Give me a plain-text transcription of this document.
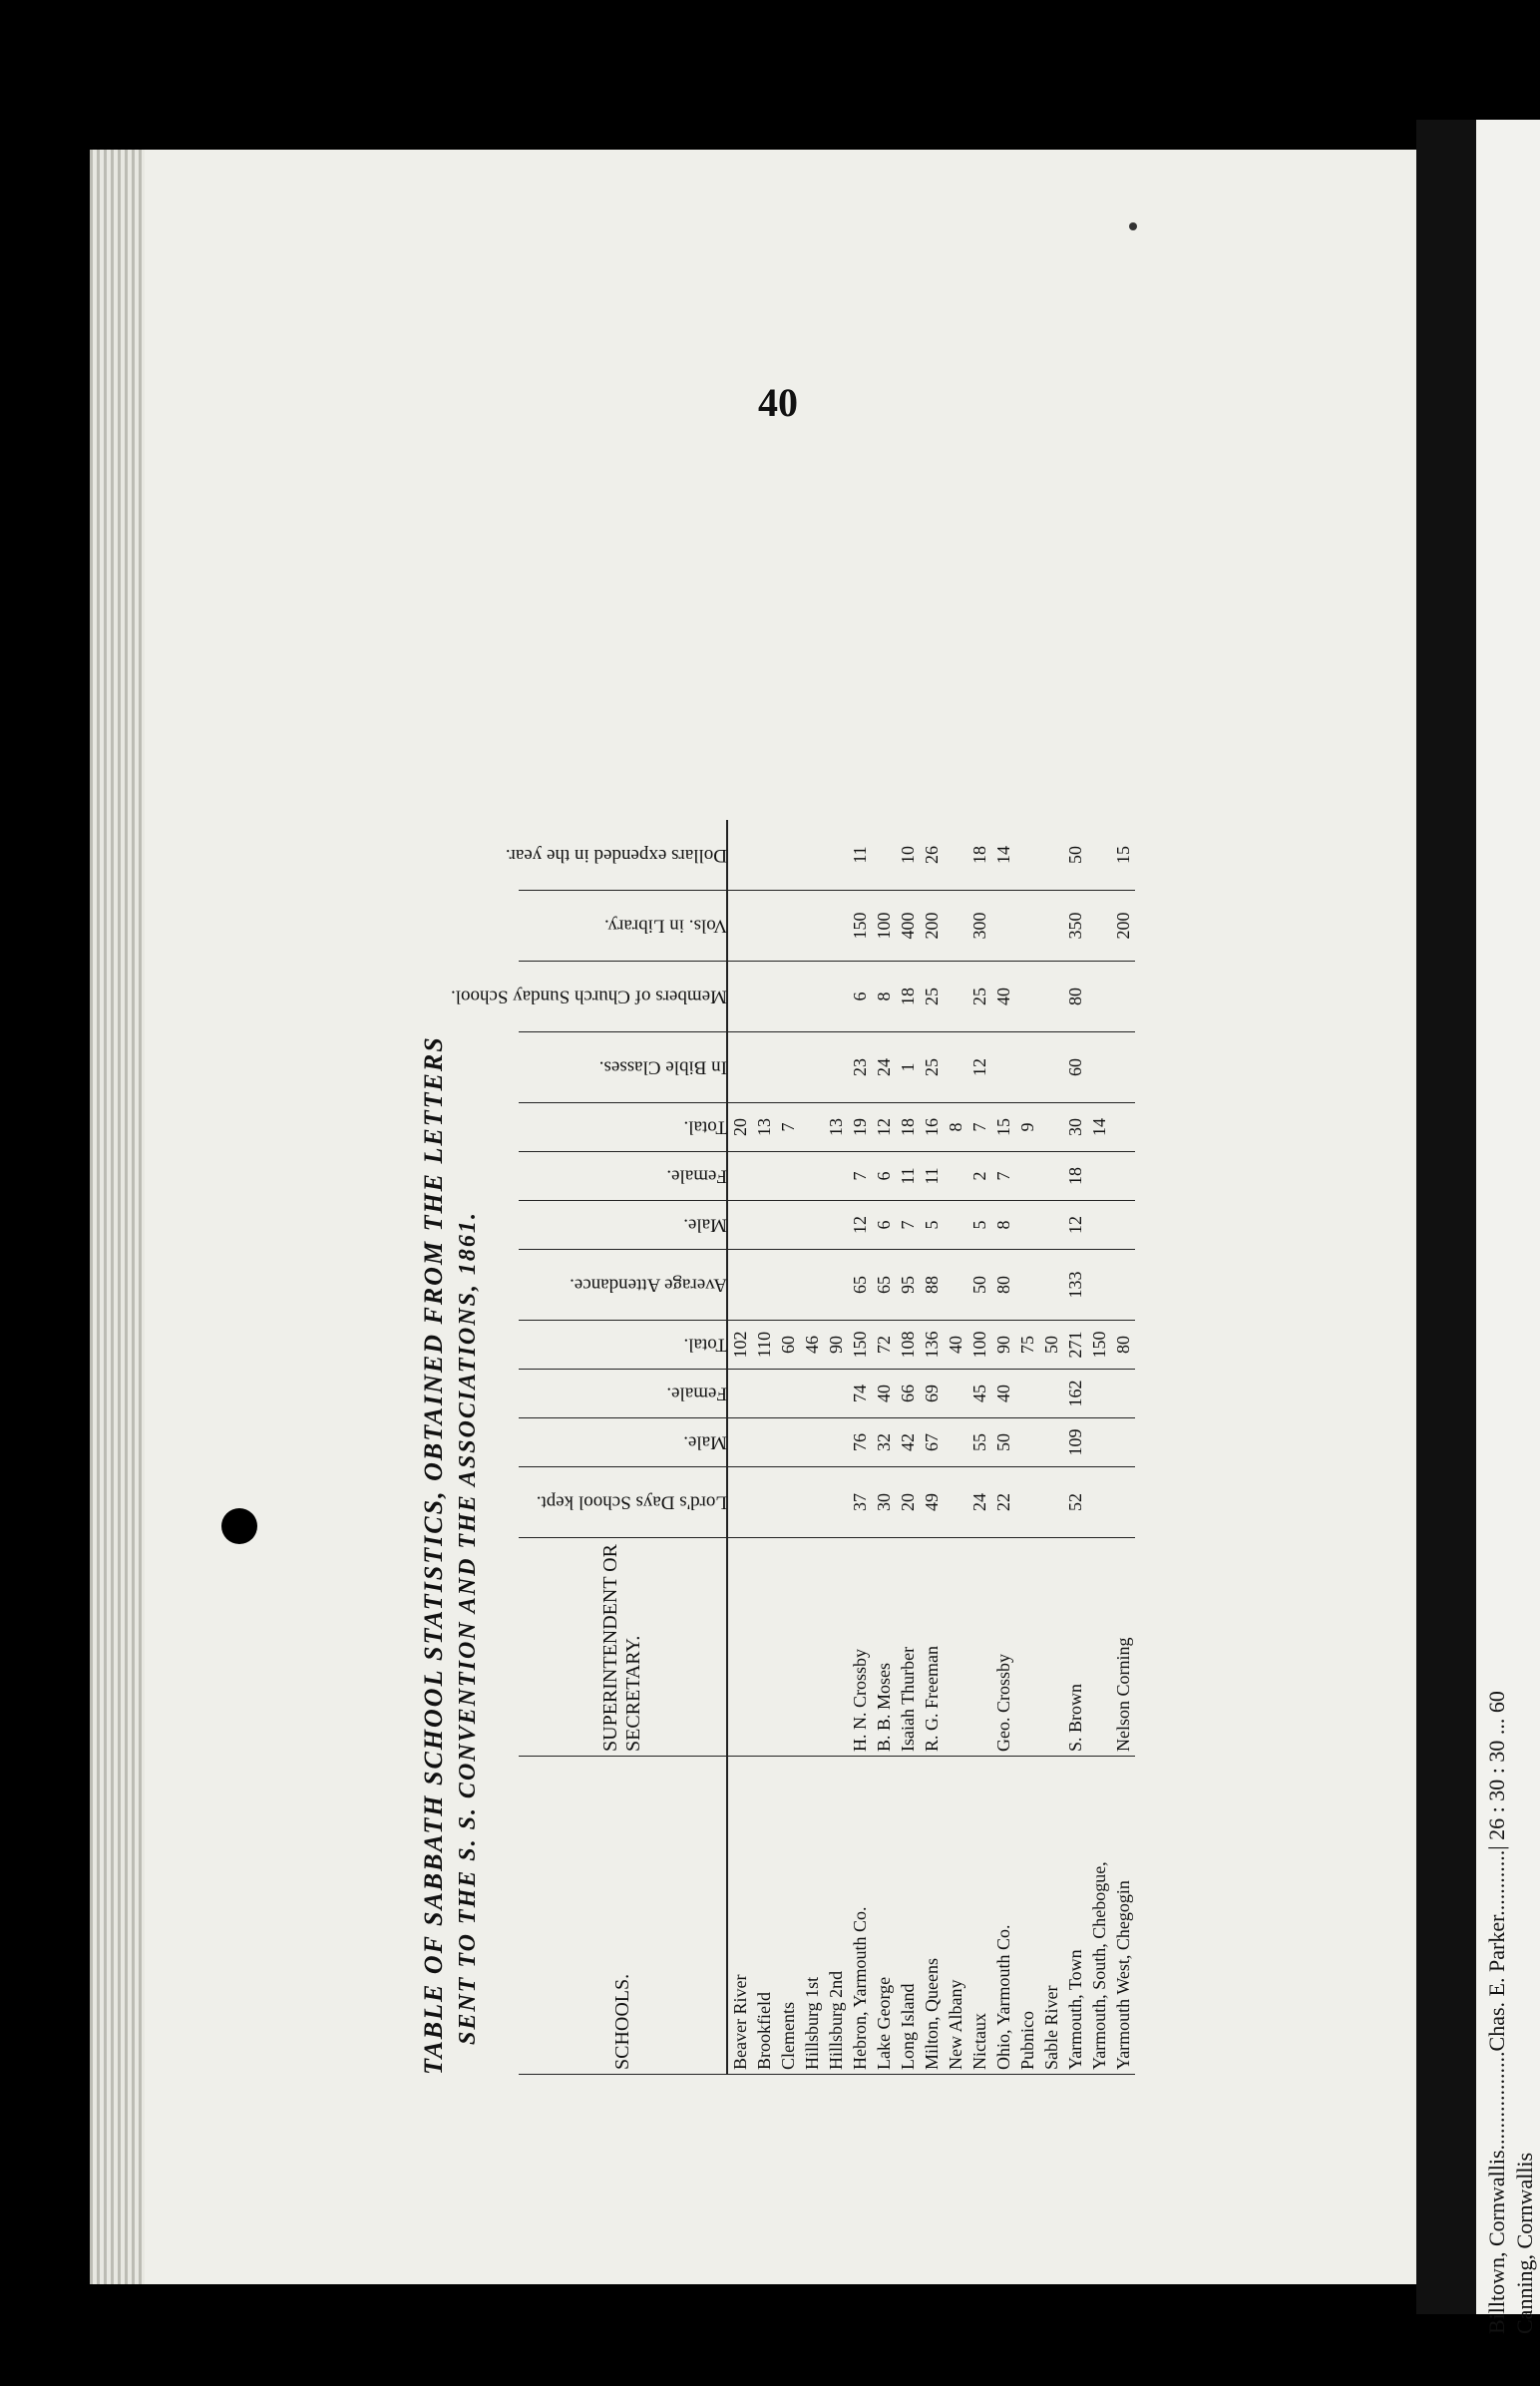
40
TABLE OF SABBATH SCHOOL STATISTICS, OBTAINED FROM THE LETTERS SENT TO THE S. S. CONVENTION AND THE ASSOCIATIONS, 1861.	SCHOOLS.	SUPERINTENDENT OR SECRETARY.	Lord's Days School kept.	Male.	Female.	Total.	Average Attendance.	Male.	Female.	Total.	In Bible Classes.	Members of Church Sunday School.	Vols. in Library.	Dollars expended in the year.
Beaver River					102				20				
Brookfield					110				13				
Clements					60				7				
Hillsburg 1st					46								
Hillsburg 2nd					90				13				
Hebron, Yarmouth Co.	H. N. Crossby	37	76	74	150	65	12	7	19	23	6	150	11
Lake George	B. B. Moses	30	32	40	72	65	6	6	12	24	8	100	
Long Island	Isaiah Thurber	20	42	66	108	95	7	11	18	1	18	400	10
Milton, Queens	R. G. Freeman	49	67	69	136	88	5	11	16	25	25	200	26
New Albany					40				8				
Nictaux		24	55	45	100	50	5	2	7	12	25	300	18
Ohio, Yarmouth Co.	Geo. Crossby	22	50	40	90	80	8	7	15		40		14
Pubnico					75				9				
Sable River					50								
Yarmouth, Town	S. Brown	52	109	162	271	133	12	18	30	60	80	350	50
Yarmouth, South, Chebogue,					150				14				
Yarmouth West, Chegogin	Nelson Corning				80							200	15
Billtown, Cornwallis..................Chas. E. Parker............| 26 : 30 : 30 ... 60 Canning, Cornwallis
